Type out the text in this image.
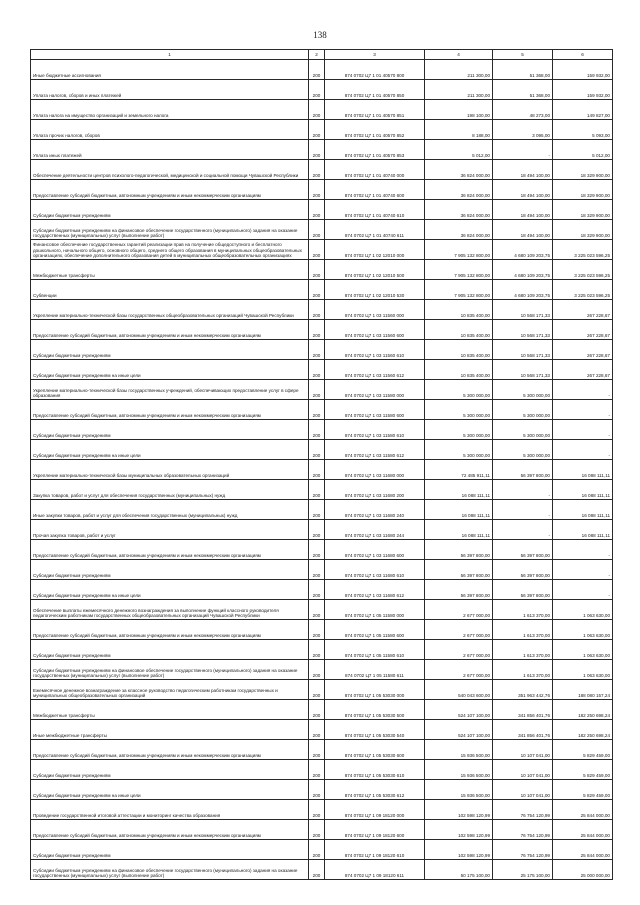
138
1	2	3	4	5	6
Иные бюджетные ассигнования	200	874 0702 Ц7 1 01 40570 800	211 300,00	51 368,00	159 932,00
Уплата налогов, сборов и иных платежей	200	874 0702 Ц7 1 01 40570 850	211 300,00	51 368,00	159 932,00
Уплата налога на имущество организаций и земельного налога	200	874 0702 Ц7 1 01 40570 851	198 100,00	48 273,00	149 827,00
Уплата прочих налогов, сборов	200	874 0702 Ц7 1 01 40570 852	8 188,00	3 095,00	5 093,00
Уплата иных платежей	200	874 0702 Ц7 1 01 40570 853	5 012,00	-	5 012,00
Обеспечение деятельности центров психолого-педагогической, медицинской и социальной помощи Чувашской Республики	200	874 0702 Ц7 1 01 40740 000	36 824 000,00	18 494 100,00	18 329 900,00
Предоставление субсидий бюджетным, автономным учреждениям и иным некоммерческим организациям	200	874 0702 Ц7 1 01 40740 600	36 824 000,00	18 494 100,00	18 329 900,00
Субсидии бюджетным учреждениям	200	874 0702 Ц7 1 01 40740 610	36 824 000,00	18 494 100,00	18 329 900,00
Субсидии бюджетным учреждениям на финансовое обеспечение государственного (муниципального) задания на оказание государственных (муниципальных) услуг (выполнение работ)	200	874 0702 Ц7 1 01 40740 611	36 824 000,00	18 494 100,00	18 329 900,00
Финансовое обеспечение государственных гарантий реализации прав на получение общедоступного и бесплатного дошкольного, начального общего, основного общего, среднего общего образования в муниципальных общеобразовательных организациях, обеспечение дополнительного образования детей в муниципальных общеобразовательных организациях	200	874 0702 Ц7 1 02 12010 000	7 905 132 800,00	4 680 109 203,75	3 225 023 596,25
Межбюджетные трансферты	200	874 0702 Ц7 1 02 12010 500	7 905 132 800,00	4 680 109 203,75	3 225 023 596,25
Субвенции	200	874 0702 Ц7 1 02 12010 530	7 905 132 800,00	4 680 109 203,75	3 225 023 596,25
Укрепление материально-технической базы государственных общеобразовательных организаций Чувашской Республики	200	874 0702 Ц7 1 03 11560 000	10 835 400,00	10 568 171,33	267 228,67
Предоставление субсидий бюджетным, автономным учреждениям и иным некоммерческим организациям	200	874 0702 Ц7 1 03 11560 600	10 835 400,00	10 568 171,33	267 228,67
Субсидии бюджетным учреждениям	200	874 0702 Ц7 1 03 11560 610	10 835 400,00	10 568 171,33	267 228,67
Субсидии бюджетным учреждениям на иные цели	200	874 0702 Ц7 1 03 11560 612	10 835 400,00	10 568 171,33	267 228,67
Укрепление материально-технической базы государственных учреждений, обеспечивающих предоставление услуг в сфере образования	200	874 0702 Ц7 1 03 11580 000	5 300 000,00	5 300 000,00	-
Предоставление субсидий бюджетным, автономным учреждениям и иным некоммерческим организациям	200	874 0702 Ц7 1 03 11580 600	5 300 000,00	5 300 000,00	-
Субсидии бюджетным учреждениям	200	874 0702 Ц7 1 03 11580 610	5 300 000,00	5 300 000,00	-
Субсидии бюджетным учреждениям на иные цели	200	874 0702 Ц7 1 03 11580 612	5 300 000,00	5 300 000,00	-
Укрепление материально-технической базы муниципальных образовательных организаций	200	874 0702 Ц7 1 03 11680 000	72 485 911,11	56 397 800,00	16 088 111,11
Закупка товаров, работ и услуг для обеспечения государственных (муниципальных) нужд	200	874 0702 Ц7 1 03 11680 200	16 088 111,11	-	16 088 111,11
Иные закупки товаров, работ и услуг для обеспечения государственных (муниципальных) нужд	200	874 0702 Ц7 1 03 11680 240	16 088 111,11	-	16 088 111,11
Прочая закупка товаров, работ и услуг	200	874 0702 Ц7 1 03 11680 244	16 088 111,11	-	16 088 111,11
Предоставление субсидий бюджетным, автономным учреждениям и иным некоммерческим организациям	200	874 0702 Ц7 1 03 11680 600	56 397 800,00	56 397 800,00	-
Субсидии бюджетным учреждениям	200	874 0702 Ц7 1 03 11680 610	56 397 800,00	56 397 800,00	-
Субсидии бюджетным учреждениям на иные цели	200	874 0702 Ц7 1 03 11680 612	56 397 800,00	56 397 800,00	-
Обеспечение выплаты ежемесячного денежного вознаграждения за выполнение функций классного руководителя педагогическим работникам государственных общеобразовательных организаций Чувашской Республики	200	874 0702 Ц7 1 05 11580 000	2 677 000,00	1 613 370,00	1 063 630,00
Предоставление субсидий бюджетным, автономным учреждениям и иным некоммерческим организациям	200	874 0702 Ц7 1 05 11580 600	2 677 000,00	1 613 370,00	1 063 630,00
Субсидии бюджетным учреждениям	200	874 0702 Ц7 1 05 11580 610	2 677 000,00	1 613 370,00	1 063 630,00
Субсидии бюджетным учреждениям на финансовое обеспечение государственного (муниципального) задания на оказание государственных (муниципальных) услуг (выполнение работ)	200	874 0702 Ц7 1 05 11580 611	2 677 000,00	1 613 370,00	1 063 630,00
Ежемесячное денежное вознаграждение за классное руководство педагогическим работникам государственных и муниципальных общеобразовательных организаций	200	874 0702 Ц7 1 05 53030 000	540 043 600,00	351 963 442,76	188 080 157,24
Межбюджетные трансферты	200	874 0702 Ц7 1 05 53030 500	524 107 100,00	341 856 401,76	182 250 698,24
Иные межбюджетные трансферты	200	874 0702 Ц7 1 05 53030 540	524 107 100,00	341 856 401,76	182 250 698,24
Предоставление субсидий бюджетным, автономным учреждениям и иным некоммерческим организациям	200	874 0702 Ц7 1 05 53030 600	15 936 500,00	10 107 041,00	5 829 459,00
Субсидии бюджетным учреждениям	200	874 0702 Ц7 1 05 53030 610	15 936 500,00	10 107 041,00	5 829 459,00
Субсидии бюджетным учреждениям на иные цели	200	874 0702 Ц7 1 05 53030 612	15 936 500,00	10 107 041,00	5 829 459,00
Проведение государственной итоговой аттестации и мониторинг качества образования	200	874 0702 Ц7 1 09 18120 000	102 598 120,99	76 754 120,99	25 844 000,00
Предоставление субсидий бюджетным, автономным учреждениям и иным некоммерческим организациям	200	874 0702 Ц7 1 09 18120 600	102 598 120,99	76 754 120,99	25 844 000,00
Субсидии бюджетным учреждениям	200	874 0702 Ц7 1 09 18120 610	102 598 120,99	76 754 120,99	25 844 000,00
Субсидии бюджетным учреждениям на финансовое обеспечение государственного (муниципального) задания на оказание государственных (муниципальных) услуг (выполнение работ)	200	874 0702 Ц7 1 09 18120 611	50 175 100,00	25 175 100,00	25 000 000,00
